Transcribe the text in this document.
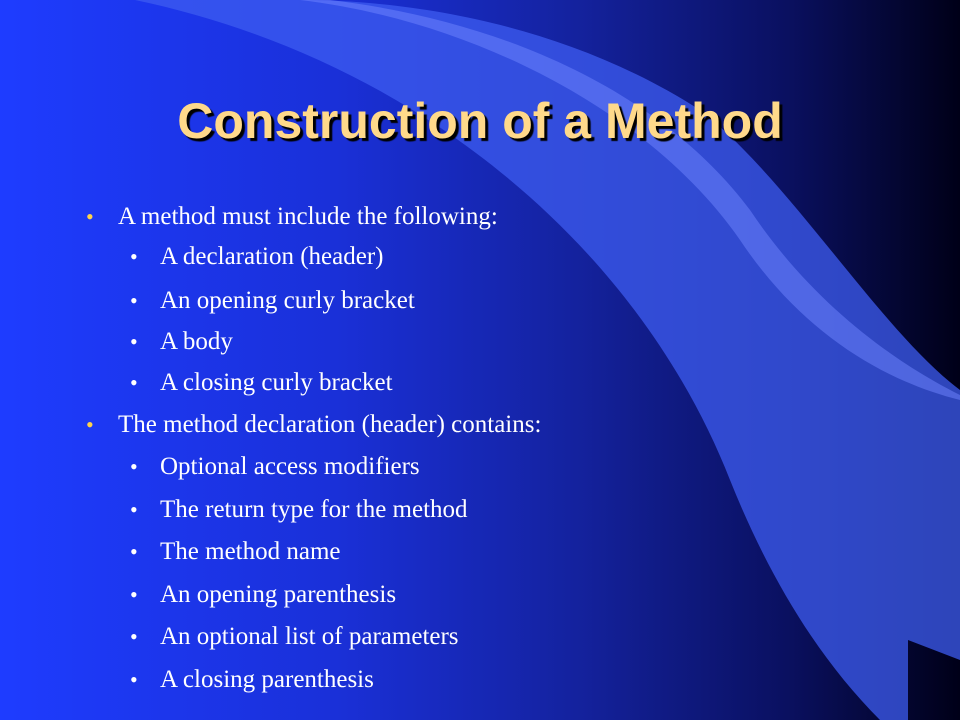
Construction of a Method
• A method must include the following:
• A declaration (header)
• An opening curly bracket
• A body
• A closing curly bracket
• The method declaration (header) contains:
• Optional access modifiers
• The return type for the method
• The method name
• An opening parenthesis
• An optional list of parameters
• A closing parenthesis
